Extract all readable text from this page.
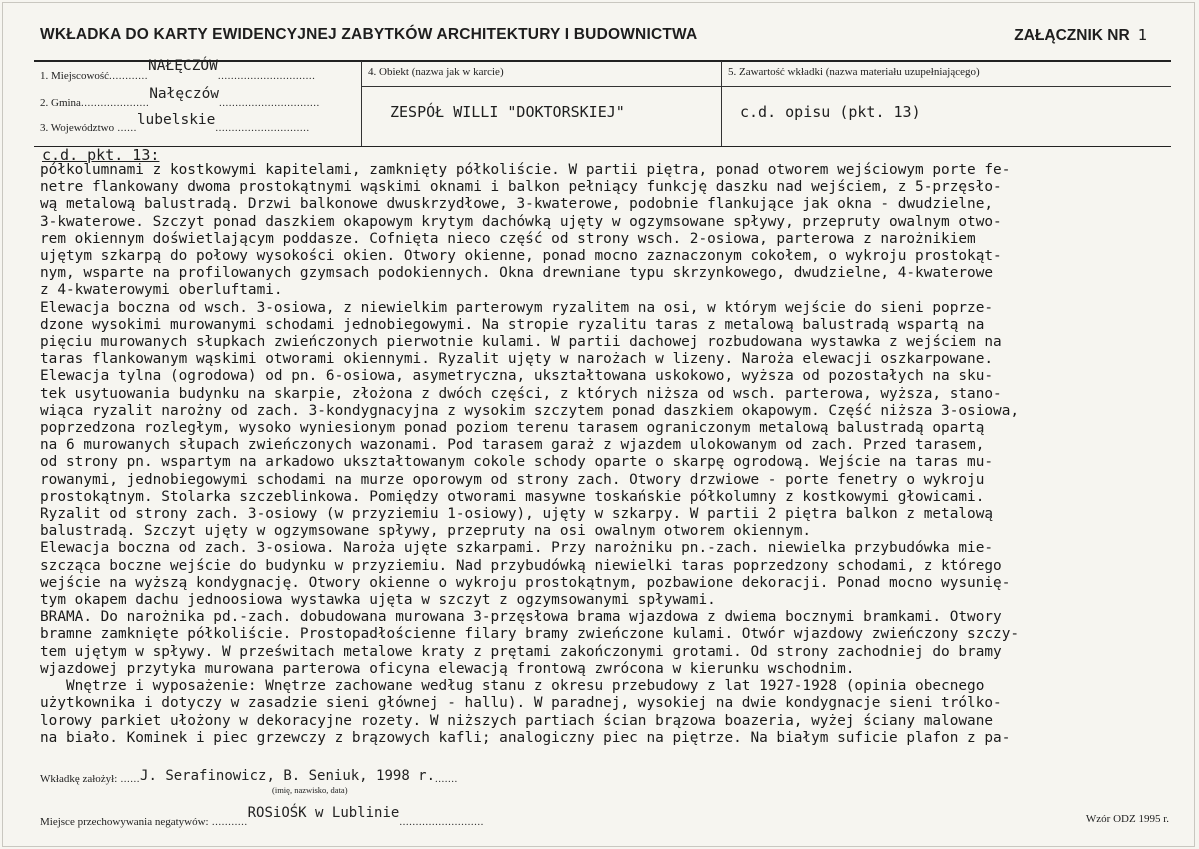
WKŁADKA DO KARTY EWIDENCYJNEJ ZABYTKÓW ARCHITEKTURY I BUDOWNICTWA	ZAŁĄCZNIK NR 1
1. Miejscowość............NAŁĘCZÓW..............................
2. Gmina.....................Nałęczów...............................
3. Województwo ......lubelskie.............................
4. Obiekt (nazwa jak w karcie)
ZESPÓŁ WILLI "DOKTORSKIEJ"
5. Zawartość wkładki (nazwa materiału uzupełniającego)
c.d. opisu (pkt. 13)
c.d. pkt. 13:
półkolumnami z kostkowymi kapitelami, zamknięty półkoliście. W partii piętra, ponad otworem wejściowym porte fe-
netre flankowany dwoma prostokątnymi wąskimi oknami i balkon pełniący funkcję daszku nad wejściem, z 5-przęsło-
wą metalową balustradą. Drzwi balkonowe dwuskrzydłowe, 3-kwaterowe, podobnie flankujące jak okna - dwudzielne,
3-kwaterowe. Szczyt ponad daszkiem okapowym krytym dachówką ujęty w ogzymsowane spływy, przepruty owalnym otwo-
rem okiennym doświetlającym poddasze. Cofnięta nieco część od strony wsch. 2-osiowa, parterowa z narożnikiem
ujętym szkarpą do połowy wysokości okien. Otwory okienne, ponad mocno zaznaczonym cokołem, o wykroju prostokąt-
nym, wsparte na profilowanych gzymsach podokiennych. Okna drewniane typu skrzynkowego, dwudzielne, 4-kwaterowe
z 4-kwaterowymi oberluftami.
Elewacja boczna od wsch. 3-osiowa, z niewielkim parterowym ryzalitem na osi, w którym wejście do sieni poprze-
dzone wysokimi murowanymi schodami jednobiegowymi. Na stropie ryzalitu taras z metalową balustradą wspartą na
pięciu murowanych słupkach zwieńczonych pierwotnie kulami. W partii dachowej rozbudowana wystawka z wejściem na
taras flankowanym wąskimi otworami okiennymi. Ryzalit ujęty w narożach w lizeny. Naroża elewacji oszkarpowane.
Elewacja tylna (ogrodowa) od pn. 6-osiowa, asymetryczna, ukształtowana uskokowo, wyższa od pozostałych na sku-
tek usytuowania budynku na skarpie, złożona z dwóch części, z których niższa od wsch. parterowa, wyższa, stano-
wiąca ryzalit narożny od zach. 3-kondygnacyjna z wysokim szczytem ponad daszkiem okapowym. Część niższa 3-osiowa,
poprzedzona rozległym, wysoko wyniesionym ponad poziom terenu tarasem ograniczonym metalową balustradą opartą
na 6 murowanych słupach zwieńczonych wazonami. Pod tarasem garaż z wjazdem ulokowanym od zach. Przed tarasem,
od strony pn. wspartym na arkadowo ukształtowanym cokole schody oparte o skarpę ogrodową. Wejście na taras mu-
rowanymi, jednobiegowymi schodami na murze oporowym od strony zach. Otwory drzwiowe - porte fenetry o wykroju
prostokątnym. Stolarka szczeblinkowa. Pomiędzy otworami masywne toskańskie półkolumny z kostkowymi głowicami.
Ryzalit od strony zach. 3-osiowy (w przyziemiu 1-osiowy), ujęty w szkarpy. W partii 2 piętra balkon z metalową
balustradą. Szczyt ujęty w ogzymsowane spływy, przepruty na osi owalnym otworem okiennym.
Elewacja boczna od zach. 3-osiowa. Naroża ujęte szkarpami. Przy narożniku pn.-zach. niewielka przybudówka mie-
szcząca boczne wejście do budynku w przyziemiu. Nad przybudówką niewielki taras poprzedzony schodami, z którego
wejście na wyższą kondygnację. Otwory okienne o wykroju prostokątnym, pozbawione dekoracji. Ponad mocno wysunię-
tym okapem dachu jednoosiowa wystawka ujęta w szczyt z ogzymsowanymi spływami.
BRAMA. Do narożnika pd.-zach. dobudowana murowana 3-przęsłowa brama wjazdowa z dwiema bocznymi bramkami. Otwory
bramne zamknięte półkoliście. Prostopadłościenne filary bramy zwieńczone kulami. Otwór wjazdowy zwieńczony szczy-
tem ujętym w spływy. W prześwitach metalowe kraty z prętami zakończonymi grotami. Od strony zachodniej do bramy
wjazdowej przytyka murowana parterowa oficyna elewacją frontową zwrócona w kierunku wschodnim.
Wnętrze i wyposażenie: Wnętrze zachowane według stanu z okresu przebudowy z lat 1927-1928 (opinia obecnego
użytkownika i dotyczy w zasadzie sieni głównej - hallu). W paradnej, wysokiej na dwie kondygnacje sieni trólko-
lorowy parkiet ułożony w dekoracyjne rozety. W niższych partiach ścian brązowa boazeria, wyżej ściany malowane
na biało. Kominek i piec grzewczy z brązowych kafli; analogiczny piec na piętrze. Na białym suficie plafon z pa-
Wkładkę założył: ......J. Serafinowicz, B. Seniuk, 1998 r........
(imię, nazwisko, data)
Miejsce przechowywania negatywów: ...........ROSiOŚK w Lublinie..........................	Wzór ODZ 1995 r.
